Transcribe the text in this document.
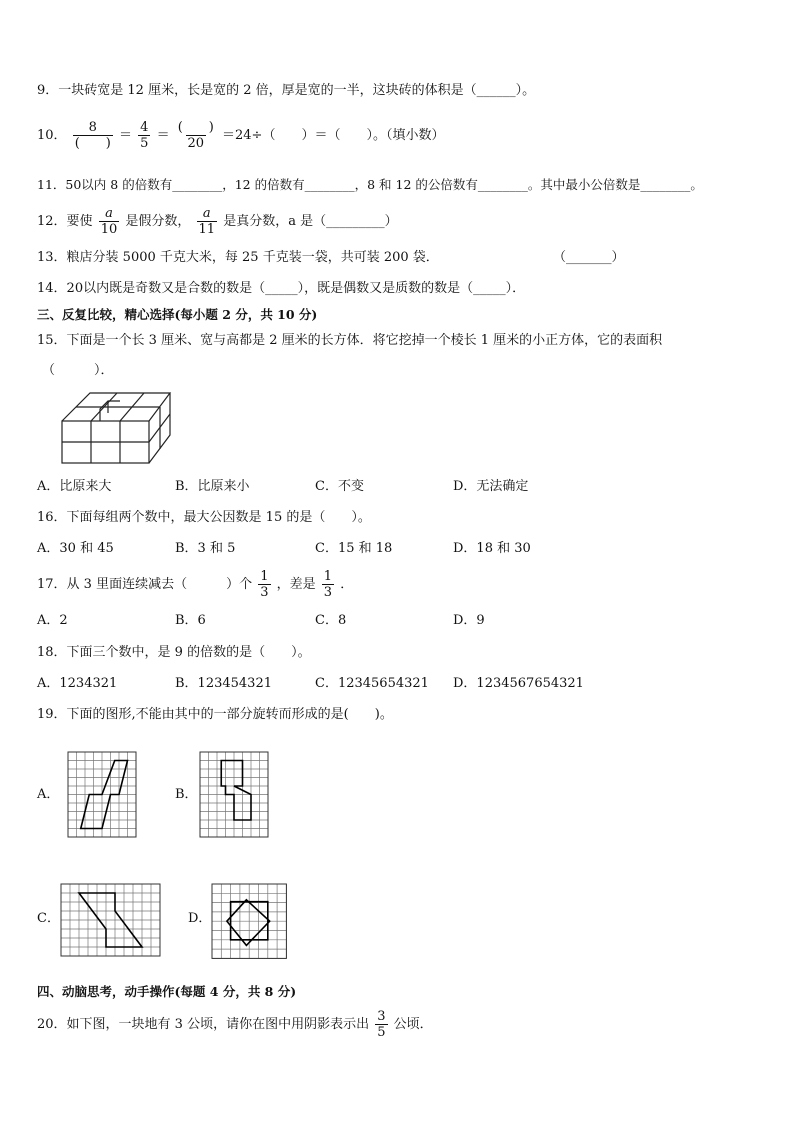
9．一块砖宽是 12 厘米，长是宽的 2 倍，厚是宽的一半，这块砖的体积是（______）。
10． $\frac{8}{( )} = \frac{4}{5} = \frac{( )}{20} =24\div$（　　）＝（　　）。（填小数）
11．50以内 8 的倍数有________，12 的倍数有________，8 和 12 的公倍数有________。其中最小公倍数是________。
12．要使 $\frac{a}{10}$ 是假分数， $\frac{a}{11}$ 是真分数，a 是（_________）
13．粮店分装 5000 千克大米，每 25 千克装一袋，共可装 200 袋．	（_______）
14．20以内既是奇数又是合数的数是（_____），既是偶数又是质数的数是（_____）．
三、反复比较，精心选择(每小题 2 分，共 10 分)
15．下面是一个长 3 厘米、宽与高都是 2 厘米的长方体．将它挖掉一个棱长 1 厘米的小正方体，它的表面积
（　　　）．
A．比原来大	B．比原来小	C．不变	D．无法确定
16．下面每组两个数中，最大公因数是 15 的是（　　）。
A．30 和 45	B．3 和 5	C．15 和 18	D．18 和 30
17．从 3 里面连续减去（　　　）个 $\frac{1}{3}$ ，差是 $\frac{1}{3}$ ．
A．2	B．6	C．8	D．9
18．下面三个数中，是 9 的倍数的是（　　）。
A．1234321	B．123454321	C．12345654321 D．1234567654321
19．下面的图形,不能由其中的一部分旋转而形成的是(　　)。
A．	B．
C．	D．
四、动脑思考，动手操作(每题 4 分，共 8 分)
20．如下图，一块地有 3 公顷，请你在图中用阴影表示出 $\frac{3}{5}$ 公顷．
